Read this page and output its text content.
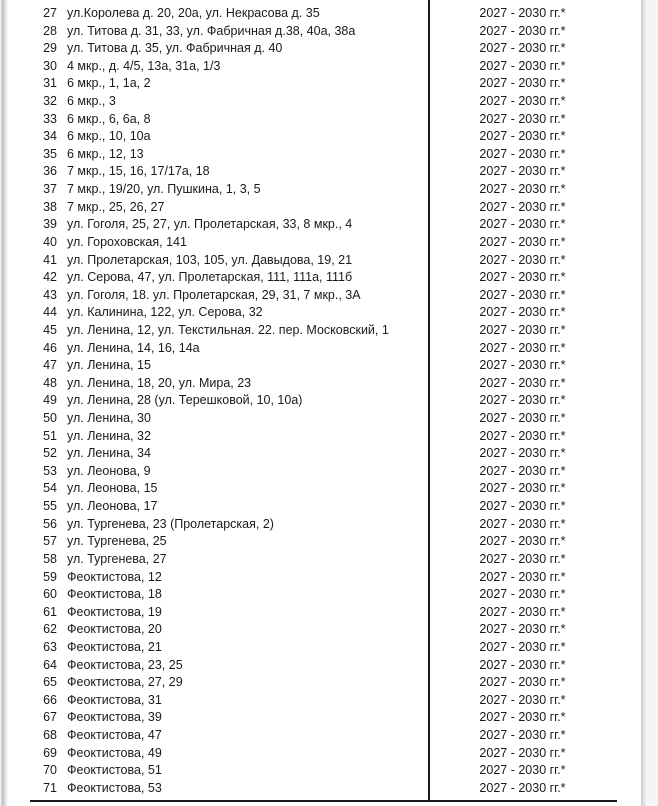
27 ул.Королева д. 20, 20а, ул. Некрасова д. 35	2027 - 2030 гг.*
28 ул. Титова д. 31, 33, ул. Фабричная д.38, 40а, 38а	2027 - 2030 гг.*
29 ул. Титова д. 35, ул. Фабричная д. 40	2027 - 2030 гг.*
30 4 мкр., д. 4/5, 13а, 31а, 1/3	2027 - 2030 гг.*
31 6 мкр., 1, 1а, 2	2027 - 2030 гг.*
32 6 мкр., 3	2027 - 2030 гг.*
33 6 мкр., 6, 6а, 8	2027 - 2030 гг.*
34 6 мкр., 10, 10а	2027 - 2030 гг.*
35 6 мкр., 12, 13	2027 - 2030 гг.*
36 7 мкр., 15, 16, 17/17а, 18	2027 - 2030 гг.*
37 7 мкр., 19/20, ул. Пушкина, 1, 3, 5	2027 - 2030 гг.*
38 7 мкр., 25, 26, 27	2027 - 2030 гг.*
39 ул. Гоголя, 25, 27, ул. Пролетарская, 33, 8 мкр., 4	2027 - 2030 гг.*
40 ул. Гороховская, 141	2027 - 2030 гг.*
41 ул. Пролетарская, 103, 105, ул. Давыдова, 19, 21	2027 - 2030 гг.*
42 ул. Серова, 47, ул. Пролетарская, 111, 111а, 111б	2027 - 2030 гг.*
43 ул. Гоголя, 18. ул. Пролетарская, 29, 31, 7 мкр., 3А	2027 - 2030 гг.*
44 ул. Калинина, 122, ул. Серова, 32	2027 - 2030 гг.*
45 ул. Ленина, 12, ул. Текстильная. 22. пер. Московский, 1	2027 - 2030 гг.*
46 ул. Ленина, 14, 16, 14а	2027 - 2030 гг.*
47 ул. Ленина, 15	2027 - 2030 гг.*
48 ул. Ленина, 18, 20, ул. Мира, 23	2027 - 2030 гг.*
49 ул. Ленина, 28 (ул. Терешковой, 10, 10а)	2027 - 2030 гг.*
50 ул. Ленина, 30	2027 - 2030 гг.*
51 ул. Ленина, 32	2027 - 2030 гг.*
52 ул. Ленина, 34	2027 - 2030 гг.*
53 ул. Леонова, 9	2027 - 2030 гг.*
54 ул. Леонова, 15	2027 - 2030 гг.*
55 ул. Леонова, 17	2027 - 2030 гг.*
56 ул. Тургенева, 23 (Пролетарская, 2)	2027 - 2030 гг.*
57 ул. Тургенева, 25	2027 - 2030 гг.*
58 ул. Тургенева, 27	2027 - 2030 гг.*
59 Феоктистова, 12	2027 - 2030 гг.*
60 Феоктистова, 18	2027 - 2030 гг.*
61 Феоктистова, 19	2027 - 2030 гг.*
62 Феоктистова, 20	2027 - 2030 гг.*
63 Феоктистова, 21	2027 - 2030 гг.*
64 Феоктистова, 23, 25	2027 - 2030 гг.*
65 Феоктистова, 27, 29	2027 - 2030 гг.*
66 Феоктистова, 31	2027 - 2030 гг.*
67 Феоктистова, 39	2027 - 2030 гг.*
68 Феоктистова, 47	2027 - 2030 гг.*
69 Феоктистова, 49	2027 - 2030 гг.*
70 Феоктистова, 51	2027 - 2030 гг.*
71 Феоктистова, 53	2027 - 2030 гг.*
